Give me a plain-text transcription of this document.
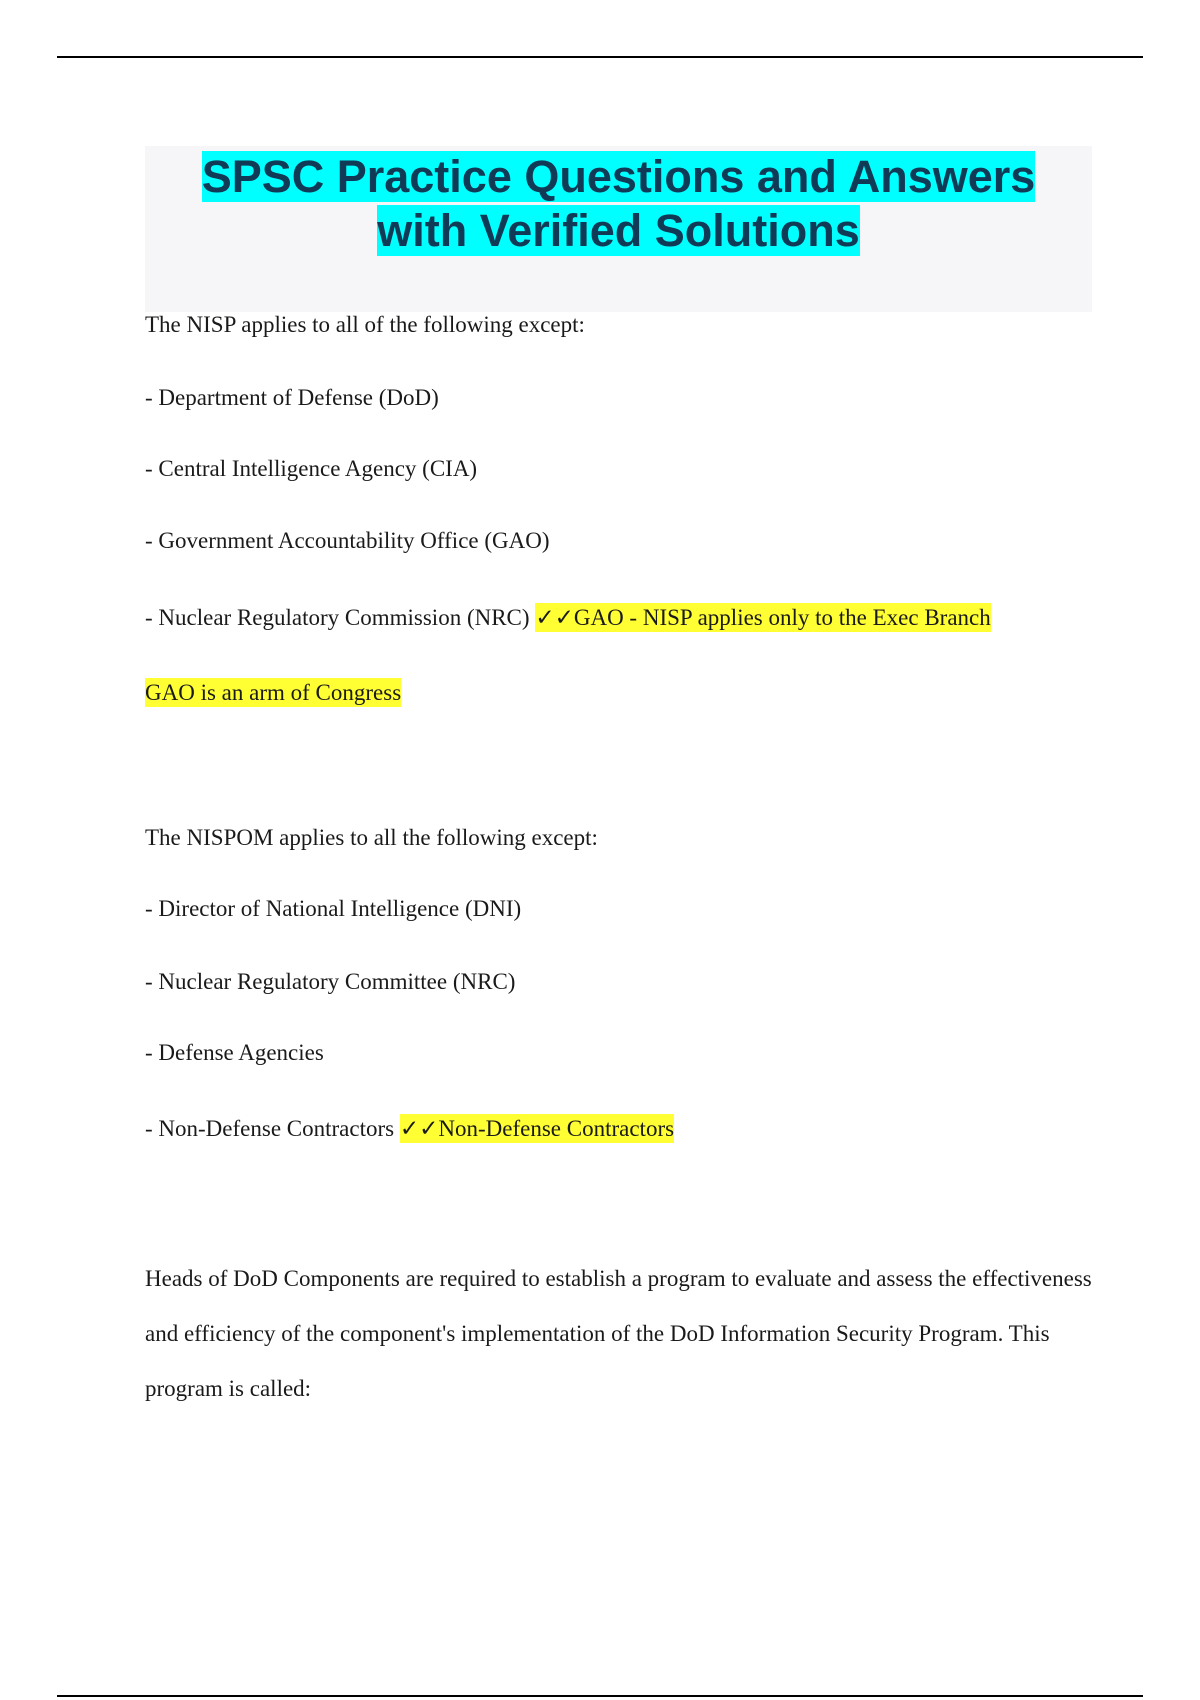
SPSC Practice Questions and Answers
with Verified Solutions

The NISP applies to all of the following except:

- Department of Defense (DoD)

- Central Intelligence Agency (CIA)

- Government Accountability Office (GAO)

- Nuclear Regulatory Commission (NRC) ✓✓GAO - NISP applies only to the Exec Branch

GAO is an arm of Congress

The NISPOM applies to all the following except:

- Director of National Intelligence (DNI)

- Nuclear Regulatory Committee (NRC)

- Defense Agencies

- Non-Defense Contractors ✓✓Non-Defense Contractors

Heads of DoD Components are required to establish a program to evaluate and assess the effectiveness and efficiency of the component's implementation of the DoD Information Security Program. This program is called:
